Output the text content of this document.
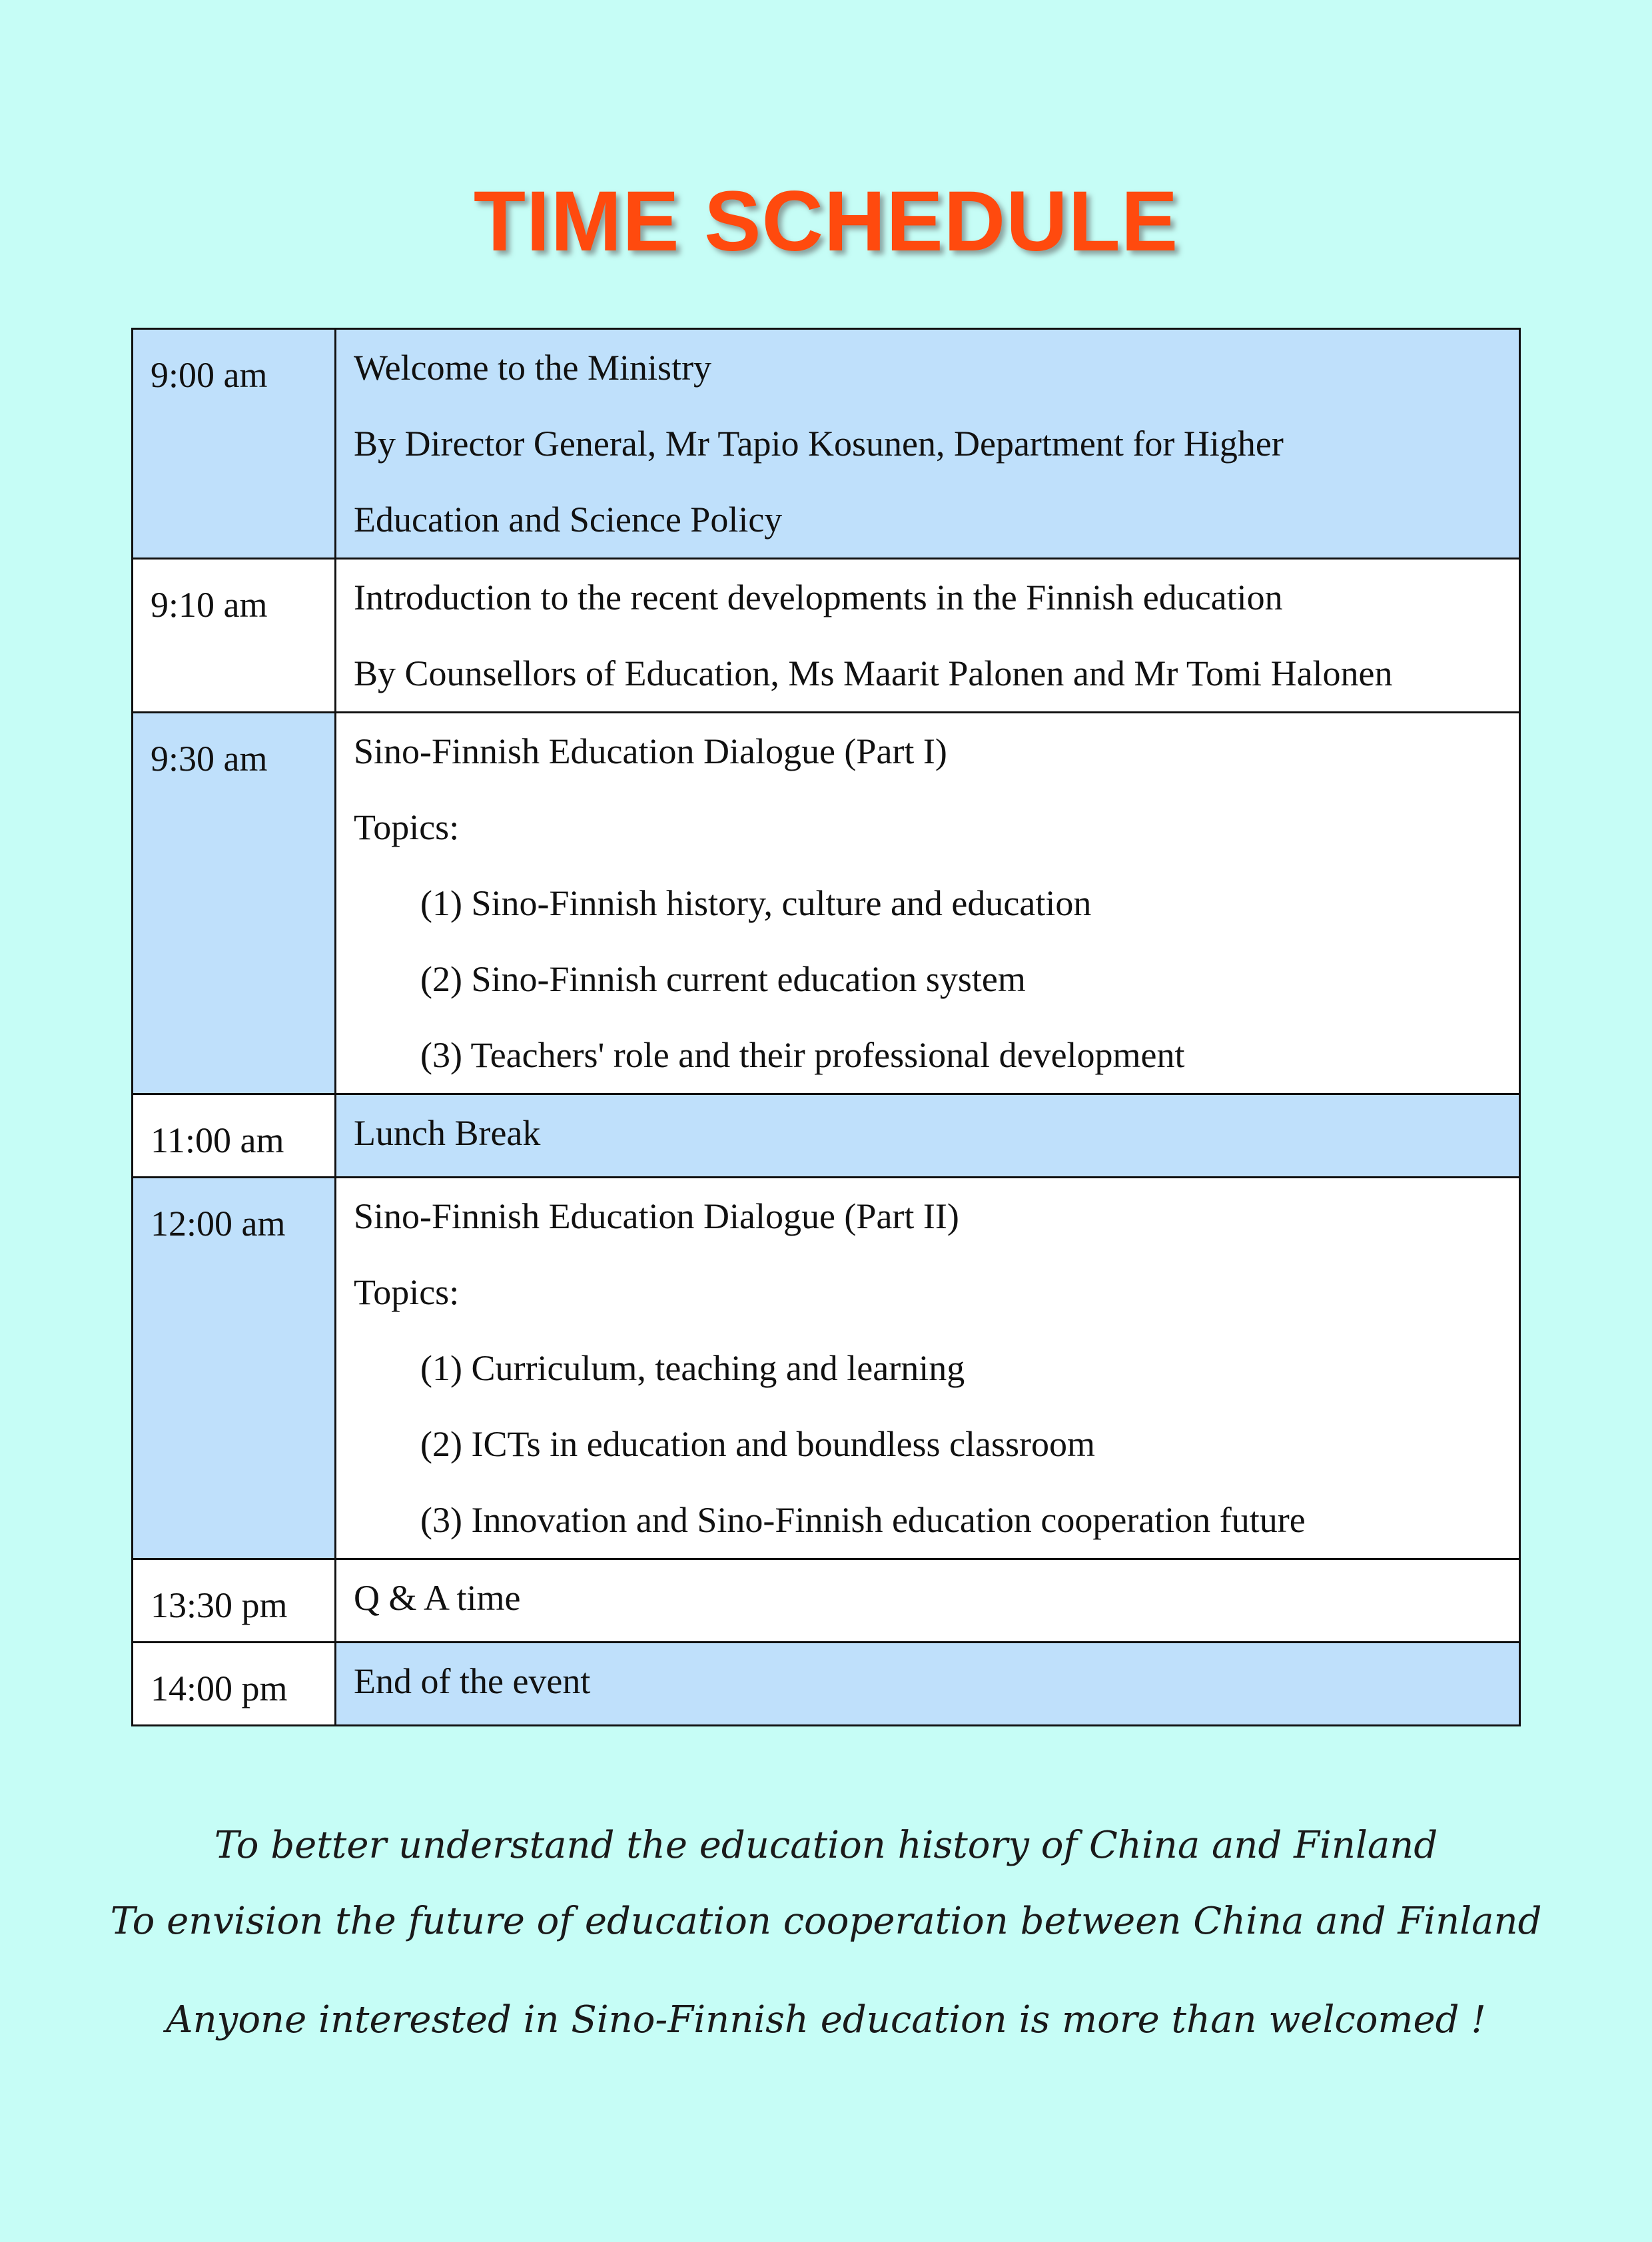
TIME SCHEDULE
9:00 am	Welcome to the Ministry
By Director General, Mr Tapio Kosunen, Department for Higher
Education and Science Policy

9:10 am	Introduction to the recent developments in the Finnish education
By Counsellors of Education, Ms Maarit Palonen and Mr Tomi Halonen

9:30 am	Sino-Finnish Education Dialogue (Part I)
Topics:
(1) Sino-Finnish history, culture and education
(2) Sino-Finnish current education system
(3) Teachers' role and their professional development

11:00 am	Lunch Break

12:00 am	Sino-Finnish Education Dialogue (Part II)
Topics:
(1) Curriculum, teaching and learning
(2) ICTs in education and boundless classroom
(3) Innovation and Sino-Finnish education cooperation future

13:30 pm	Q & A time

14:00 pm	End of the event
To better understand the education history of China and Finland
To envision the future of education cooperation between China and Finland
Anyone interested in Sino-Finnish education is more than welcomed !
